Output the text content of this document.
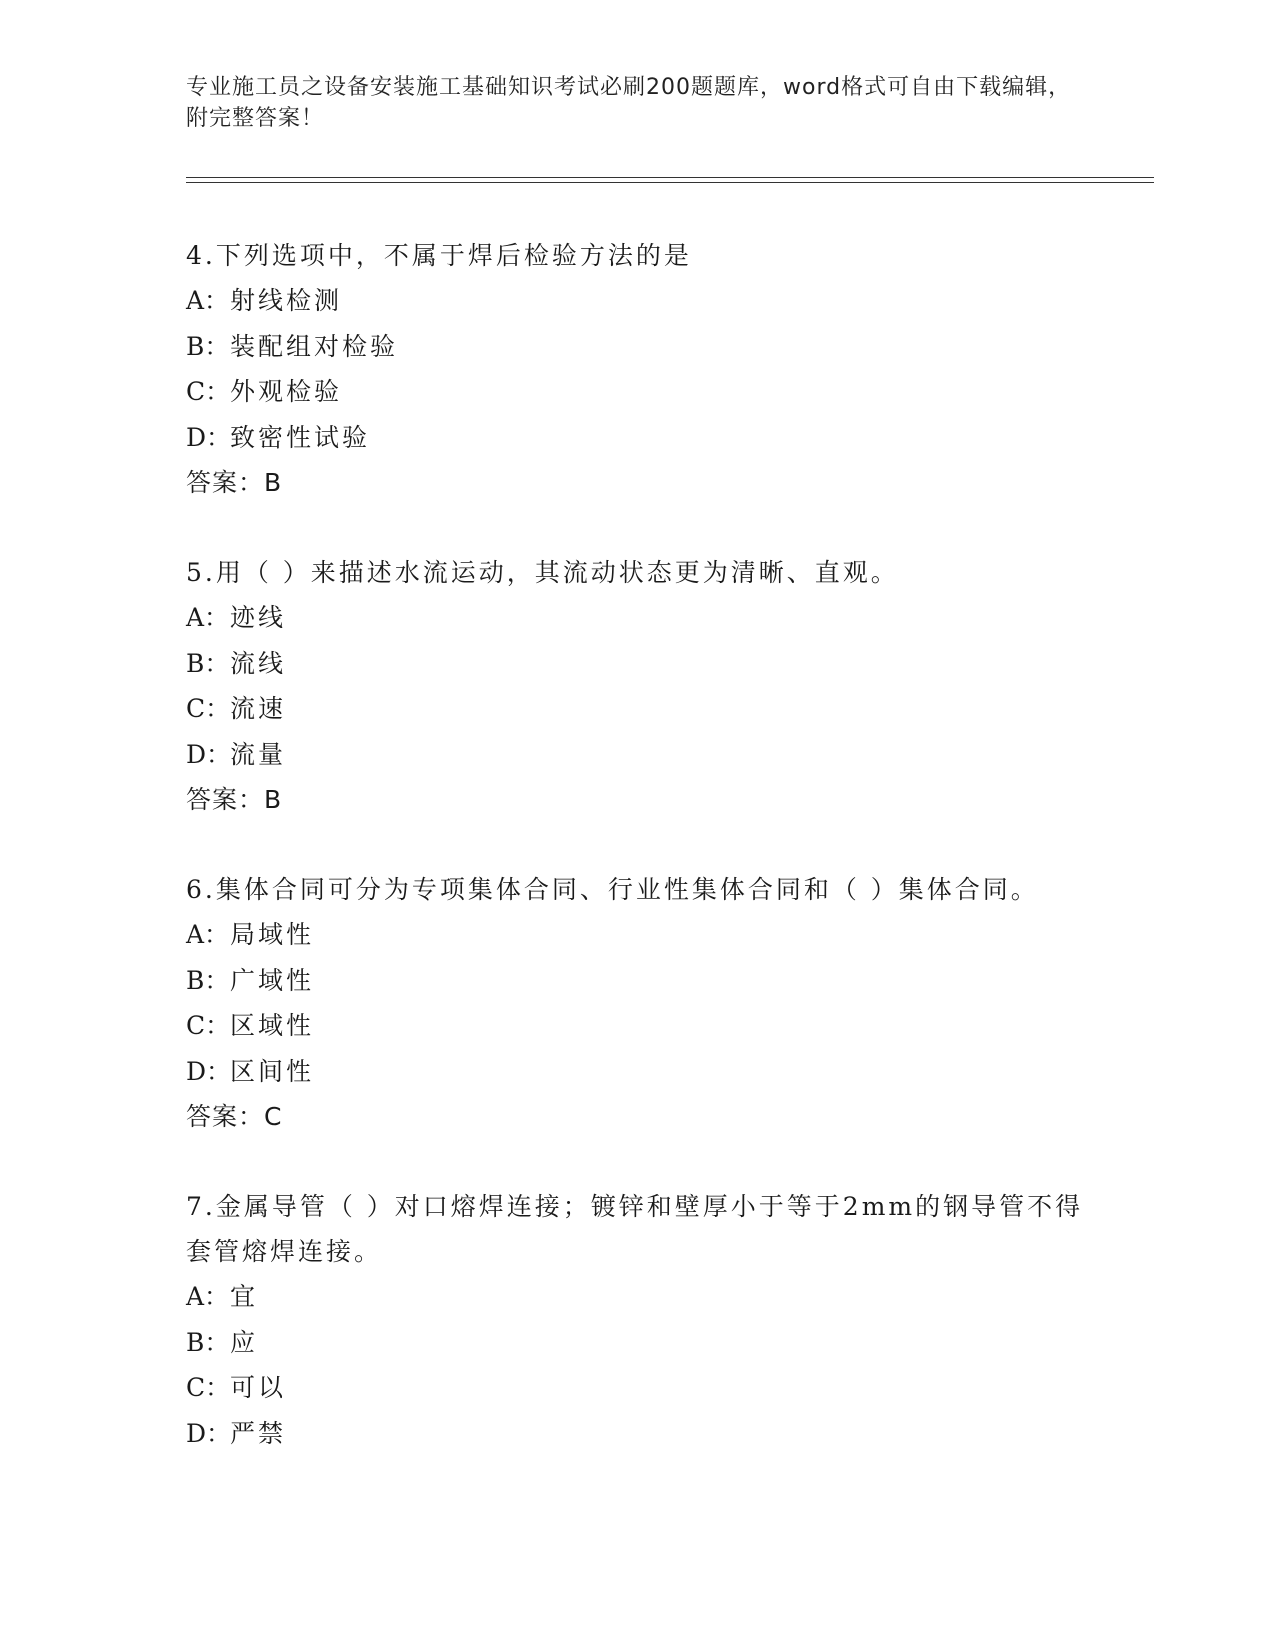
专业施工员之设备安装施工基础知识考试必刷200题题库，word格式可自由下载编辑，附完整答案！
4.下列选项中，不属于焊后检验方法的是
A：射线检测
B：装配组对检验
C：外观检验
D：致密性试验
答案：B
5.用（ ）来描述水流运动，其流动状态更为清晰、直观。
A：迹线
B：流线
C：流速
D：流量
答案：B
6.集体合同可分为专项集体合同、行业性集体合同和（ ）集体合同。
A：局域性
B：广域性
C：区域性
D：区间性
答案：C
7.金属导管（ ）对口熔焊连接；镀锌和壁厚小于等于2mm的钢导管不得套管熔焊连接。
A：宜
B：应
C：可以
D：严禁
